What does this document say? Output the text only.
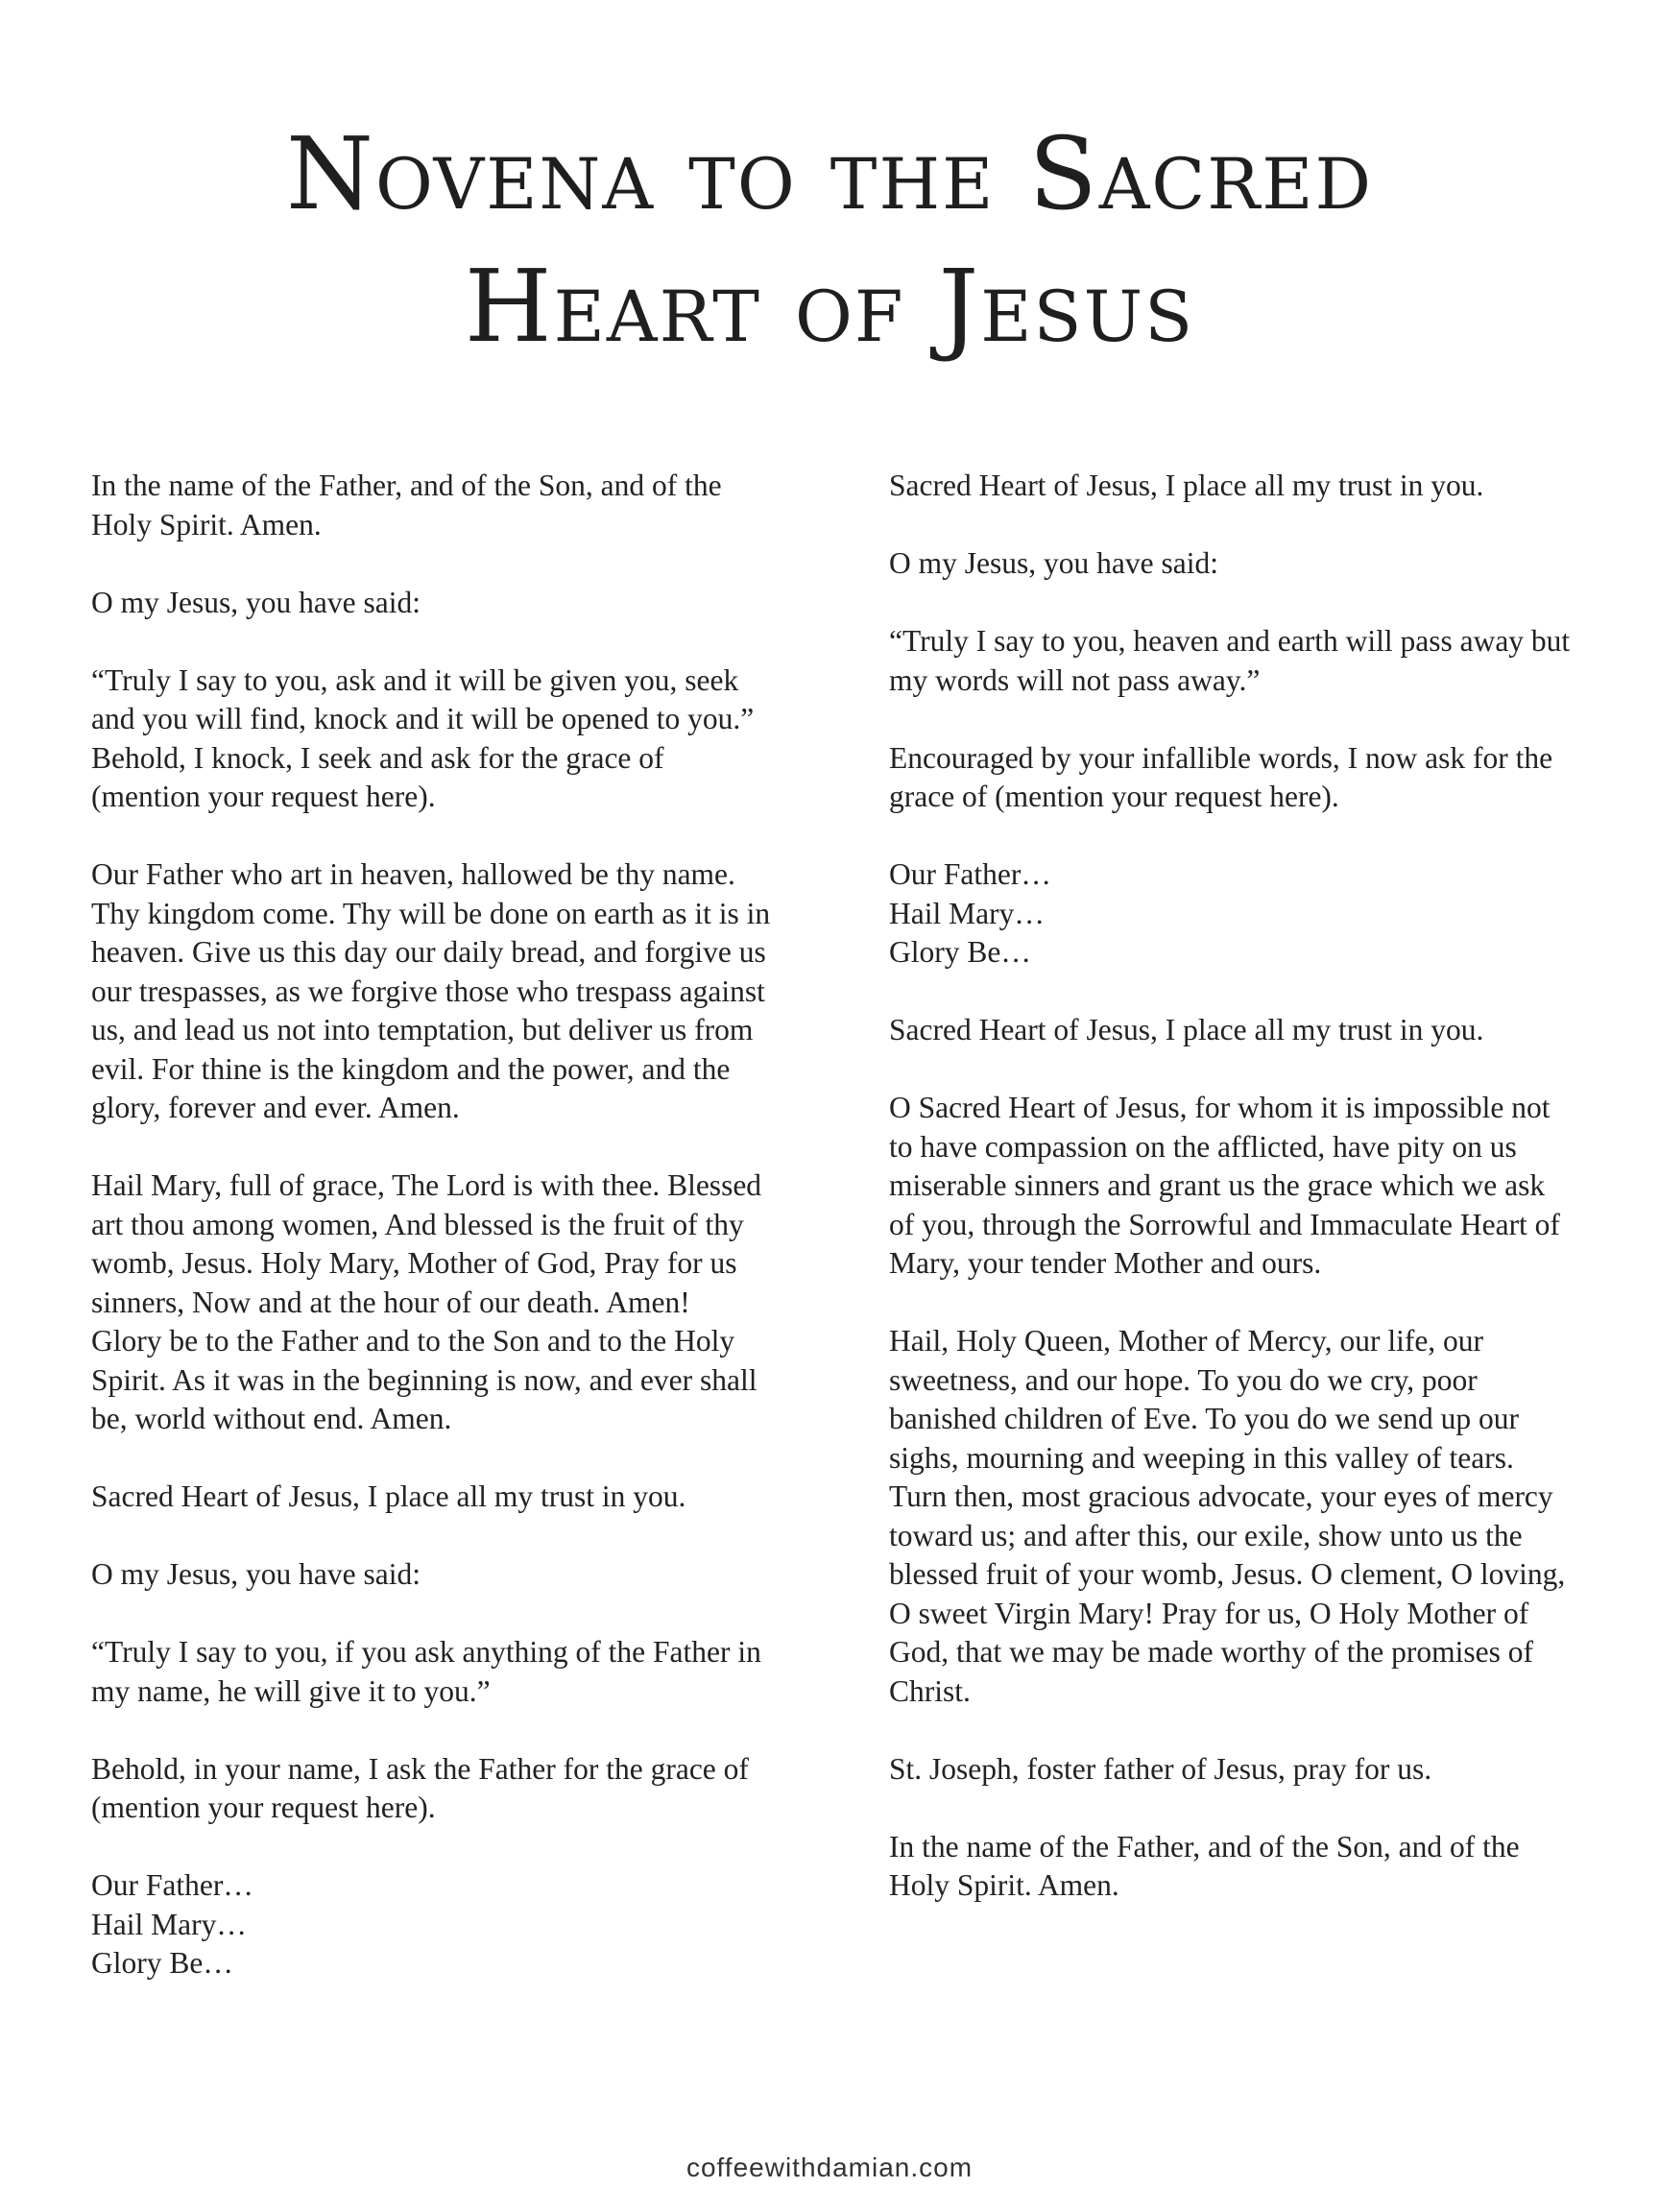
Novena to the Sacred
Heart of Jesus

In the name of the Father, and of the Son, and of the
Holy Spirit. Amen.

O my Jesus, you have said:

“Truly I say to you, ask and it will be given you, seek
and you will find, knock and it will be opened to you.”
Behold, I knock, I seek and ask for the grace of
(mention your request here).

Our Father who art in heaven, hallowed be thy name.
Thy kingdom come. Thy will be done on earth as it is in
heaven. Give us this day our daily bread, and forgive us
our trespasses, as we forgive those who trespass against
us, and lead us not into temptation, but deliver us from
evil. For thine is the kingdom and the power, and the
glory, forever and ever. Amen.

Hail Mary, full of grace, The Lord is with thee. Blessed
art thou among women, And blessed is the fruit of thy
womb, Jesus. Holy Mary, Mother of God, Pray for us
sinners, Now and at the hour of our death. Amen!
Glory be to the Father and to the Son and to the Holy
Spirit. As it was in the beginning is now, and ever shall
be, world without end. Amen.

Sacred Heart of Jesus, I place all my trust in you.

O my Jesus, you have said:

“Truly I say to you, if you ask anything of the Father in
my name, he will give it to you.”

Behold, in your name, I ask the Father for the grace of
(mention your request here).

Our Father…
Hail Mary…
Glory Be…

Sacred Heart of Jesus, I place all my trust in you.

O my Jesus, you have said:

“Truly I say to you, heaven and earth will pass away but
my words will not pass away.”

Encouraged by your infallible words, I now ask for the
grace of (mention your request here).

Our Father…
Hail Mary…
Glory Be…

Sacred Heart of Jesus, I place all my trust in you.

O Sacred Heart of Jesus, for whom it is impossible not
to have compassion on the afflicted, have pity on us
miserable sinners and grant us the grace which we ask
of you, through the Sorrowful and Immaculate Heart of
Mary, your tender Mother and ours.

Hail, Holy Queen, Mother of Mercy, our life, our
sweetness, and our hope. To you do we cry, poor
banished children of Eve. To you do we send up our
sighs, mourning and weeping in this valley of tears.
Turn then, most gracious advocate, your eyes of mercy
toward us; and after this, our exile, show unto us the
blessed fruit of your womb, Jesus. O clement, O loving,
O sweet Virgin Mary! Pray for us, O Holy Mother of
God, that we may be made worthy of the promises of
Christ.

St. Joseph, foster father of Jesus, pray for us.

In the name of the Father, and of the Son, and of the
Holy Spirit. Amen.

coffeewithdamian.com
